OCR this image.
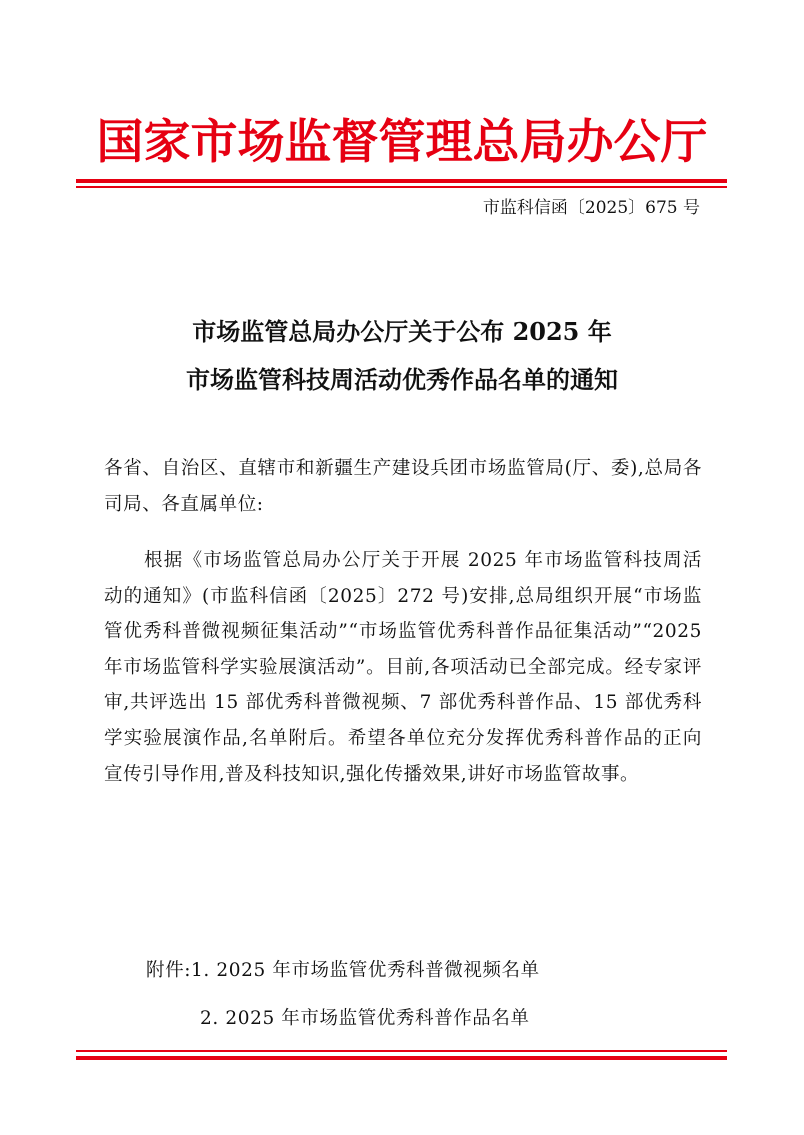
国家市场监督管理总局办公厅
市监科信函〔2025〕675 号
市场监管总局办公厅关于公布 2025 年
市场监管科技周活动优秀作品名单的通知
各省、自治区、直辖市和新疆生产建设兵团市场监管局(厅、委),总局各司局、各直属单位:
根据《市场监管总局办公厅关于开展 2025 年市场监管科技周活动的通知》(市监科信函〔2025〕272 号)安排,总局组织开展“市场监管优秀科普微视频征集活动”“市场监管优秀科普作品征集活动”“2025 年市场监管科学实验展演活动”。目前,各项活动已全部完成。经专家评审,共评选出 15 部优秀科普微视频、7 部优秀科普作品、15 部优秀科学实验展演作品,名单附后。希望各单位充分发挥优秀科普作品的正向宣传引导作用,普及科技知识,强化传播效果,讲好市场监管故事。
附件:1. 2025 年市场监管优秀科普微视频名单
2. 2025 年市场监管优秀科普作品名单
